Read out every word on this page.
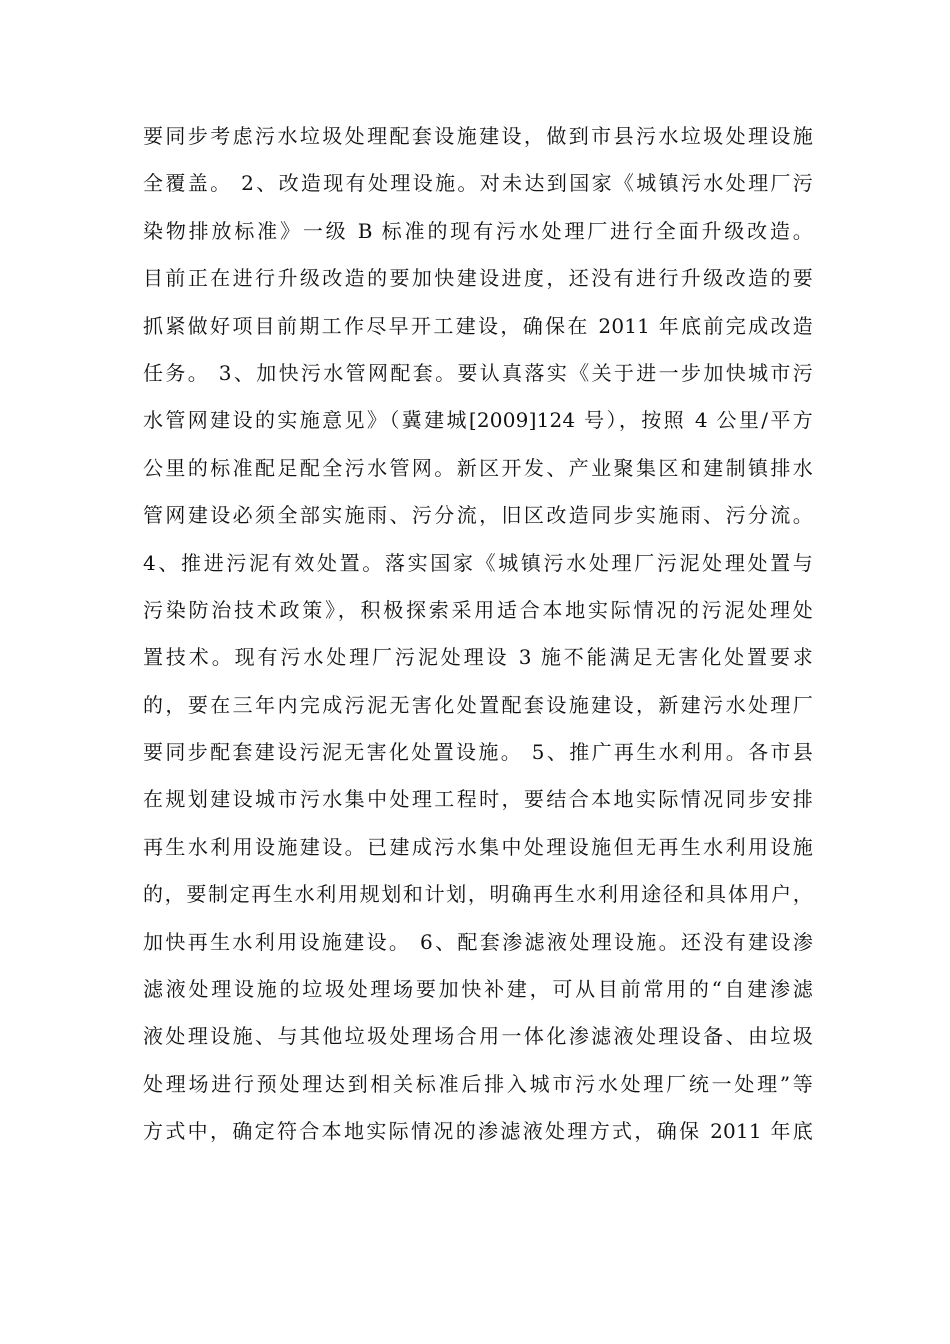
要同步考虑污水垃圾处理配套设施建设，做到市县污水垃圾处理设施
全覆盖。 2、改造现有处理设施。对未达到国家《城镇污水处理厂污
染物排放标准》一级 B 标准的现有污水处理厂进行全面升级改造。
目前正在进行升级改造的要加快建设进度，还没有进行升级改造的要
抓紧做好项目前期工作尽早开工建设，确保在 2011 年底前完成改造
任务。 3、加快污水管网配套。要认真落实《关于进一步加快城市污
水管网建设的实施意见》（冀建城[2009]124 号），按照 4 公里/平方
公里的标准配足配全污水管网。新区开发、产业聚集区和建制镇排水
管网建设必须全部实施雨、污分流，旧区改造同步实施雨、污分流。
4、推进污泥有效处置。落实国家《城镇污水处理厂污泥处理处置与
污染防治技术政策》，积极探索采用适合本地实际情况的污泥处理处
置技术。现有污水处理厂污泥处理设 3 施不能满足无害化处置要求
的，要在三年内完成污泥无害化处置配套设施建设，新建污水处理厂
要同步配套建设污泥无害化处置设施。 5、推广再生水利用。各市县
在规划建设城市污水集中处理工程时，要结合本地实际情况同步安排
再生水利用设施建设。已建成污水集中处理设施但无再生水利用设施
的，要制定再生水利用规划和计划，明确再生水利用途径和具体用户，
加快再生水利用设施建设。 6、配套渗滤液处理设施。还没有建设渗
滤液处理设施的垃圾处理场要加快补建，可从目前常用的“自建渗滤
液处理设施、与其他垃圾处理场合用一体化渗滤液处理设备、由垃圾
处理场进行预处理达到相关标准后排入城市污水处理厂统一处理”等
方式中，确定符合本地实际情况的渗滤液处理方式，确保 2011 年底
